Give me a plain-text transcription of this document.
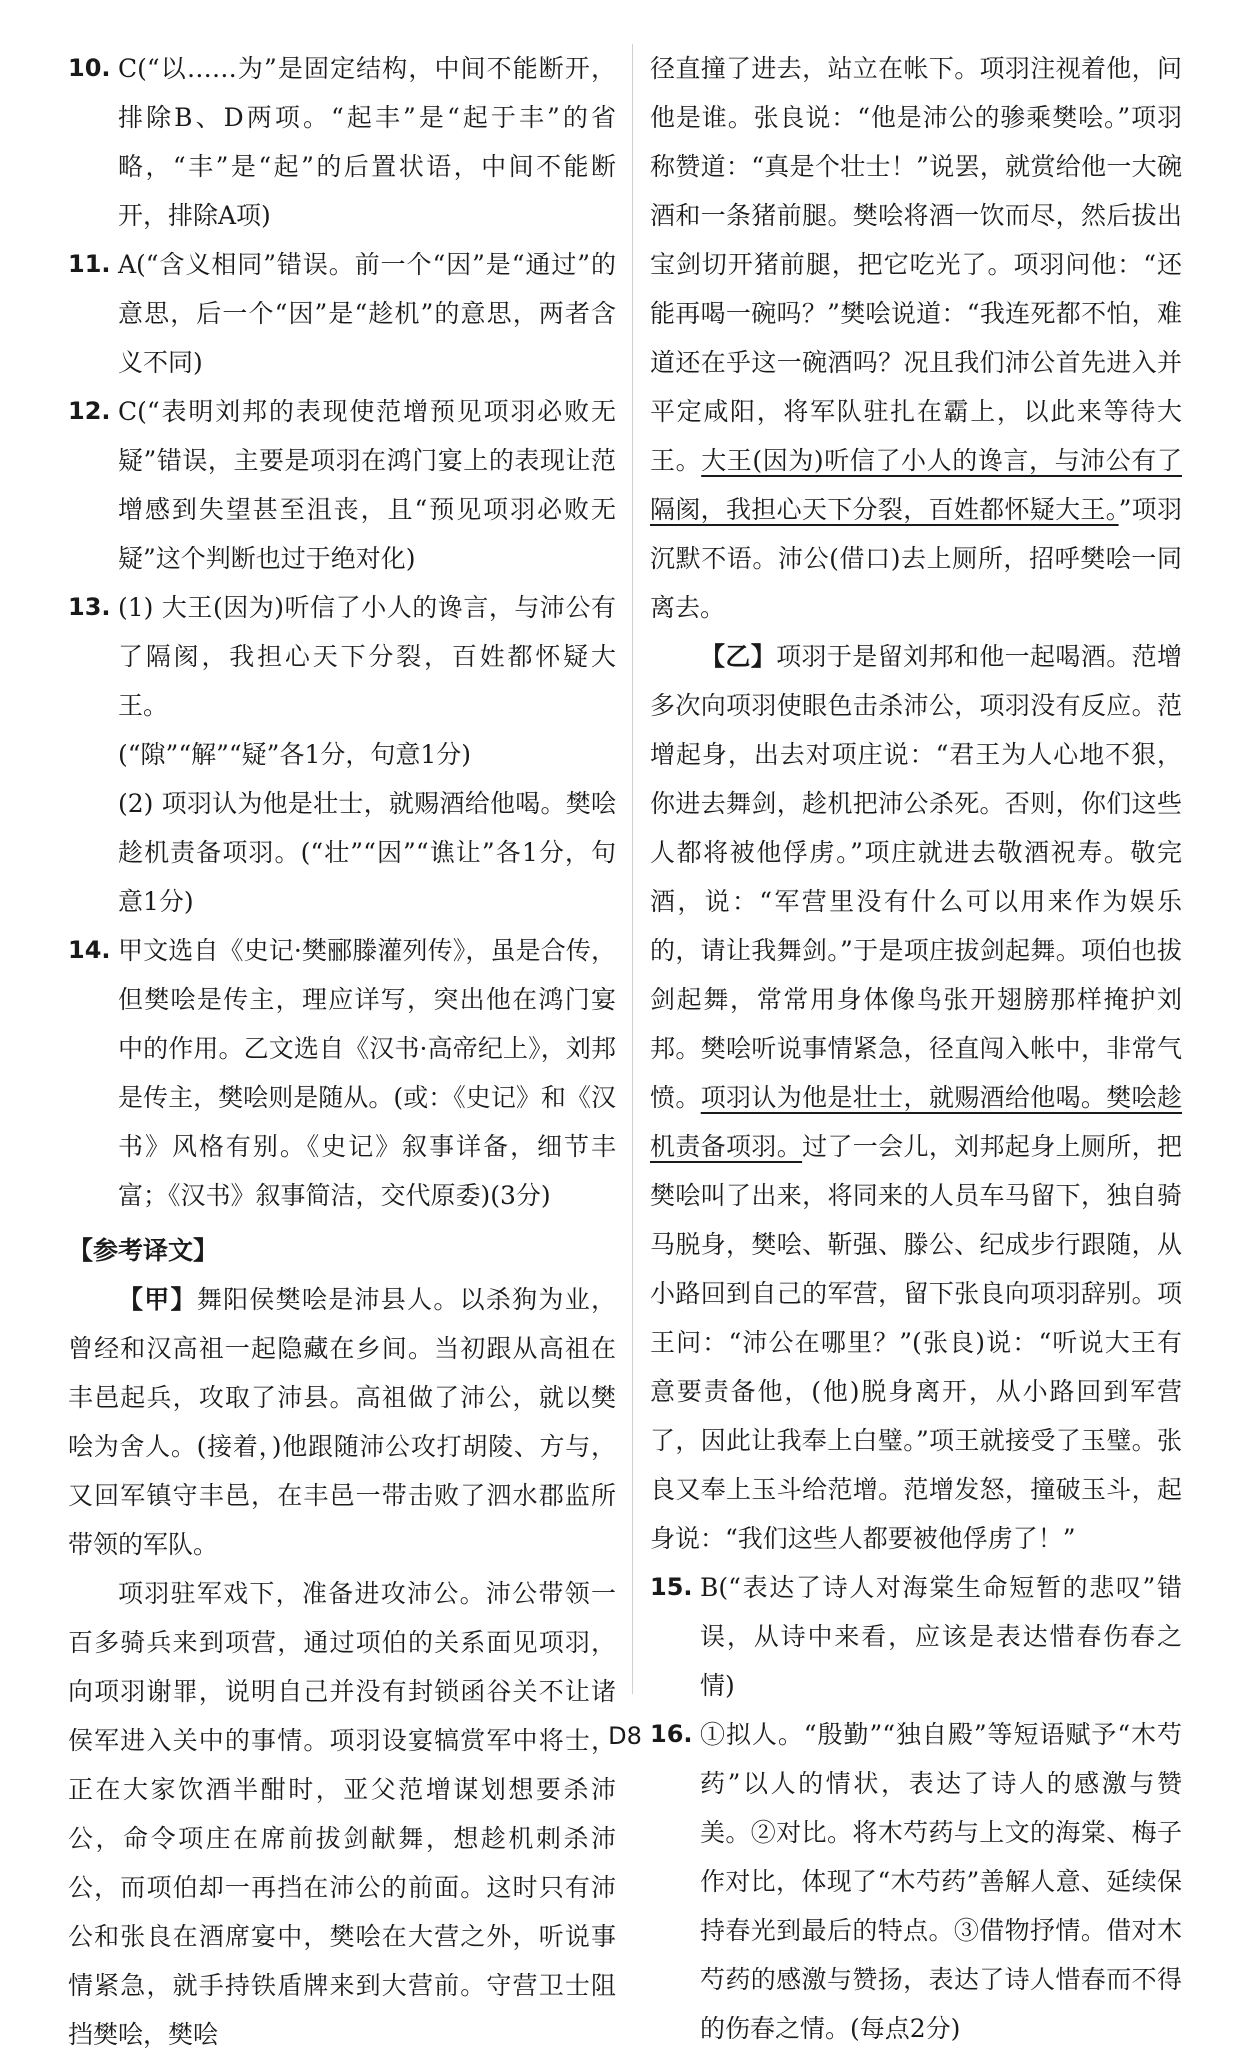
10. C(“以……为”是固定结构，中间不能断开，排除B、D两项。“起丰”是“起于丰”的省略，“丰”是“起”的后置状语，中间不能断开，排除A项)
11. A(“含义相同”错误。前一个“因”是“通过”的意思，后一个“因”是“趁机”的意思，两者含义不同)
12. C(“表明刘邦的表现使范增预见项羽必败无疑”错误，主要是项羽在鸿门宴上的表现让范增感到失望甚至沮丧，且“预见项羽必败无疑”这个判断也过于绝对化)
13. (1) 大王(因为)听信了小人的谗言，与沛公有了隔阂，我担心天下分裂，百姓都怀疑大王。

(“隙”“解”“疑”各1分，句意1分)

(2) 项羽认为他是壮士，就赐酒给他喝。樊哙趁机责备项羽。(“壮”“因”“谯让”各1分，句意1分)

14. 甲文选自《史记·樊郦滕灌列传》，虽是合传，但樊哙是传主，理应详写，突出他在鸿门宴中的作用。乙文选自《汉书·高帝纪上》，刘邦是传主，樊哙则是随从。(或：《史记》和《汉书》风格有别。《史记》叙事详备，细节丰富；《汉书》叙事简洁，交代原委)(3分)
【参考译文】

【甲】舞阳侯樊哙是沛县人。以杀狗为业，曾经和汉高祖一起隐藏在乡间。当初跟从高祖在丰邑起兵，攻取了沛县。高祖做了沛公，就以樊哙为舍人。(接着，)他跟随沛公攻打胡陵、方与，又回军镇守丰邑，在丰邑一带击败了泗水郡监所带领的军队。

项羽驻军戏下，准备进攻沛公。沛公带领一百多骑兵来到项营，通过项伯的关系面见项羽，向项羽谢罪，说明自己并没有封锁函谷关不让诸侯军进入关中的事情。项羽设宴犒赏军中将士，正在大家饮酒半酣时，亚父范增谋划想要杀沛公，命令项庄在席前拔剑献舞，想趁机刺杀沛公，而项伯却一再挡在沛公的前面。这时只有沛公和张良在酒席宴中，樊哙在大营之外，听说事情紧急，就手持铁盾牌来到大营前。守营卫士阻挡樊哙，樊哙

径直撞了进去，站立在帐下。项羽注视着他，问他是谁。张良说：“他是沛公的骖乘樊哙。”项羽称赞道：“真是个壮士！”说罢，就赏给他一大碗酒和一条猪前腿。樊哙将酒一饮而尽，然后拔出宝剑切开猪前腿，把它吃光了。项羽问他：“还能再喝一碗吗？”樊哙说道：“我连死都不怕，难道还在乎这一碗酒吗？况且我们沛公首先进入并平定咸阳，将军队驻扎在霸上，以此来等待大王。大王(因为)听信了小人的谗言，与沛公有了隔阂，我担心天下分裂，百姓都怀疑大王。”项羽沉默不语。沛公(借口)去上厕所，招呼樊哙一同离去。

【乙】项羽于是留刘邦和他一起喝酒。范增多次向项羽使眼色击杀沛公，项羽没有反应。范增起身，出去对项庄说：“君王为人心地不狠，你进去舞剑，趁机把沛公杀死。否则，你们这些人都将被他俘虏。”项庄就进去敬酒祝寿。敬完酒，说：“军营里没有什么可以用来作为娱乐的，请让我舞剑。”于是项庄拔剑起舞。项伯也拔剑起舞，常常用身体像鸟张开翅膀那样掩护刘邦。樊哙听说事情紧急，径直闯入帐中，非常气愤。项羽认为他是壮士，就赐酒给他喝。樊哙趁机责备项羽。过了一会儿，刘邦起身上厕所，把樊哙叫了出来，将同来的人员车马留下，独自骑马脱身，樊哙、靳强、滕公、纪成步行跟随，从小路回到自己的军营，留下张良向项羽辞别。项王问：“沛公在哪里？”(张良)说：“听说大王有意要责备他，(他)脱身离开，从小路回到军营了，因此让我奉上白璧。”项王就接受了玉璧。张良又奉上玉斗给范增。范增发怒，撞破玉斗，起身说：“我们这些人都要被他俘虏了！”

15. B(“表达了诗人对海棠生命短暂的悲叹”错误，从诗中来看，应该是表达惜春伤春之情)
16. ①拟人。“殷勤”“独自殿”等短语赋予“木芍药”以人的情状，表达了诗人的感激与赞美。②对比。将木芍药与上文的海棠、梅子作对比，体现了“木芍药”善解人意、延续保持春光到最后的特点。③借物抒情。借对木芍药的感激与赞扬，表达了诗人惜春而不得的伤春之情。(每点2分)
D8
